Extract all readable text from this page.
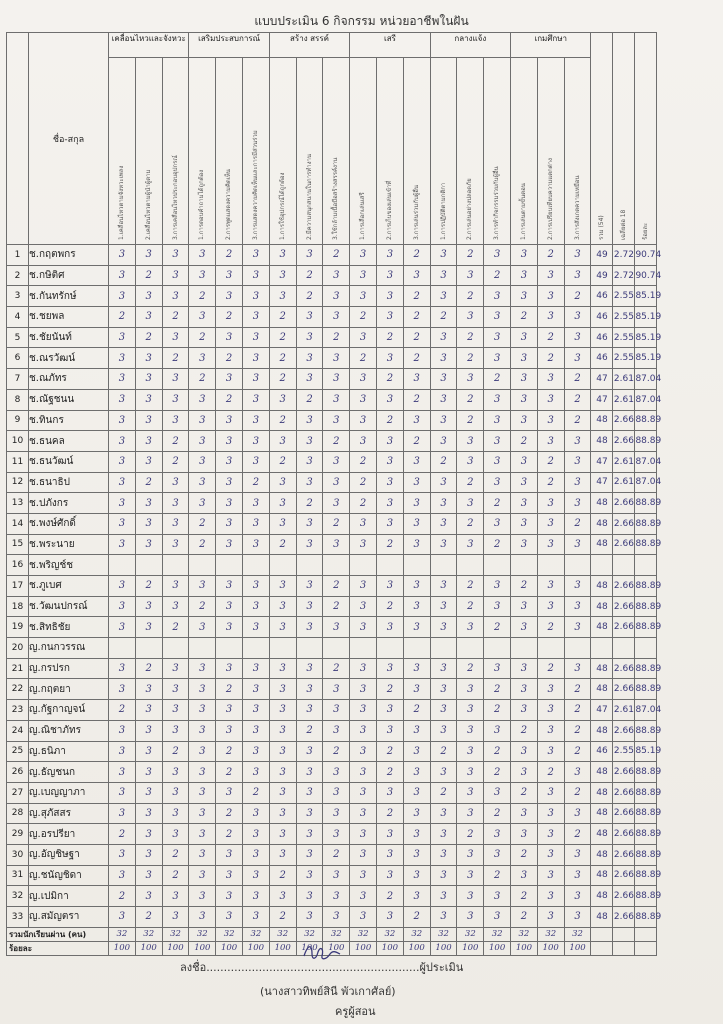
แบบประเมิน 6 กิจกรรม หน่วยอาชีพในฝัน
	ชื่อ-สกุล	เคลื่อนไหวและจังหวะ			เสริมประสบการณ์			สร้าง สรรค์			เสรี			กลางแจ้ง			เกมศึกษา			รวม (54)	เฉลี่ยต่อ 18	ร้อยละ

		1.เคลื่อนไหวตามจังหวะเพลง	2.เคลื่อนไหวตามผู้นำผู้ตาม	3.การเคลื่อนไหวประกอบอุปกรณ์	1.การตอบคำถามได้ถูกต้อง	2.การพูดแสดงความคิดเห็น	3.การแสดงความคิดเห็นและการมีส่วนร่วม	1.การใช้อุปกรณ์ได้ถูกต้อง	2.มีความสนุกสนานในการทำงาน	3.ใช้กล้ามเนื้อมือสร้างสรรค์งาน	1.การเลือกเล่นเสรี	2.การเก็บของเล่นเข้าที่	3.การเล่นร่วมกับผู้อื่น	1.การปฏิบัติตามกติกา	2.การเล่นอย่างปลอดภัย	3.การทำกิจกรรมร่วมกับผู้อื่น	1.การเล่นตามขั้นตอน	2.การเปรียบเทียบความแตกต่าง	3.การสังเกตความเหมือน			

1	ช.กฤตพกร	3	3	3	3	2	3	3	3	2	3	3	2	3	2	3	3	2	3	49	2.72	90.74
2	ช.กษิติศ	3	2	3	3	3	3	3	2	3	3	3	3	3	3	2	3	3	3	49	2.72	90.74
3	ช.กันทรักษ์	3	3	3	2	3	3	3	2	3	3	3	2	3	2	3	3	3	2	46	2.55	85.19
4	ช.ชยพล	2	3	2	3	2	3	2	3	3	2	3	2	2	3	3	2	3	3	46	2.55	85.19
5	ช.ชัยนันท์	3	2	3	2	3	3	2	3	2	3	2	2	3	2	3	3	2	3	46	2.55	85.19
6	ช.ณรวัฒน์	3	3	2	3	2	3	2	3	3	2	3	2	3	2	3	3	2	3	46	2.55	85.19
7	ช.ณภัทร	3	3	3	2	3	3	2	3	3	3	2	3	3	3	2	3	3	2	47	2.61	87.04
8	ช.ณัฐชนน	3	3	3	3	2	3	3	2	3	3	3	2	3	2	3	3	3	2	47	2.61	87.04
9	ช.ทินกร	3	3	3	3	3	3	2	3	3	3	2	3	3	2	3	3	3	2	48	2.66	88.89
10	ช.ธนคล	3	3	2	3	3	3	3	3	2	3	3	2	3	3	3	2	3	3	48	2.66	88.89
11	ช.ธนวัฒน์	3	3	2	3	3	3	2	3	3	2	3	3	2	3	3	3	2	3	47	2.61	87.04
12	ช.ธนาธิป	3	2	3	3	3	2	3	3	3	2	3	3	3	2	3	3	2	3	47	2.61	87.04
13	ช.ปภังกร	3	3	3	3	3	3	3	2	3	2	3	3	3	3	2	3	3	3	48	2.66	88.89
14	ช.พงษ์ศักดิ์	3	3	3	2	3	3	3	3	2	3	3	3	3	2	3	3	3	2	48	2.66	88.89
15	ช.พระนาย	3	3	3	2	3	3	2	3	3	3	2	3	3	3	2	3	3	3	48	2.66	88.89
16	ช.พริญช์ช																					
17	ช.ภูเบศ	3	2	3	3	3	3	3	3	2	3	3	3	3	2	3	2	3	3	48	2.66	88.89
18	ช.วัฒนปกรณ์	3	3	3	2	3	3	3	3	2	3	2	3	3	2	3	3	3	3	48	2.66	88.89
19	ช.สิทธิชัย	3	3	2	3	3	3	3	3	3	3	3	3	3	3	2	3	2	3	48	2.66	88.89
20	ญ.กนกวรรณ																					
21	ญ.กรปรก	3	2	3	3	3	3	3	3	2	3	3	3	3	2	3	3	2	3	48	2.66	88.89
22	ญ.กฤตยา	3	3	3	3	2	3	3	3	3	3	2	3	3	3	2	3	3	2	48	2.66	88.89
23	ญ.กัฐกาญจน์	2	3	3	3	3	3	3	3	3	3	3	2	3	3	2	3	3	2	47	2.61	87.04
24	ญ.ณิชาภัทร	3	3	3	3	3	3	3	2	3	3	3	3	3	3	3	2	3	2	48	2.66	88.89
25	ญ.ธนิภา	3	3	2	3	2	3	3	3	2	3	2	3	2	3	2	3	3	2	46	2.55	85.19
26	ญ.ธัญชนก	3	3	3	3	2	3	3	3	3	3	2	3	3	3	2	3	2	3	48	2.66	88.89
27	ญ.เบญญาภา	3	3	3	3	3	2	3	3	3	3	3	3	2	3	3	2	3	2	48	2.66	88.89
28	ญ.สุภัสสร	3	3	3	3	2	3	3	3	3	3	2	3	3	3	2	3	3	3	48	2.66	88.89
29	ญ.อรปรียา	2	3	3	3	2	3	3	3	3	3	3	3	3	2	3	3	3	2	48	2.66	88.89
30	ญ.อัญชิษฐา	3	3	2	3	3	3	3	3	2	3	3	3	3	3	3	2	3	3	48	2.66	88.89
31	ญ.ชนัญชิดา	3	3	2	3	3	3	2	3	3	3	3	3	3	3	2	3	3	3	48	2.66	88.89
32	ญ.เปมิกา	2	3	3	3	3	3	3	3	3	3	2	3	3	3	3	2	3	3	48	2.66	88.89
33	ญ.สมัญตรา	3	2	3	3	3	3	2	3	3	3	3	2	3	3	3	2	3	3	48	2.66	88.89
รวมนักเรียนผ่าน (คน)		32	32	32	32	32	32	32	32	32	32	32	32	32	32	32	32	32	32			
ร้อยละ		100	100	100	100	100	100	100	100	100	100	100	100	100	100	100	100	100	100			
ลงชื่อ.............................................................ผู้ประเมิน
(นางสาวทิพย์สินี พัวเกาศัลย์)
ครูผู้สอน
